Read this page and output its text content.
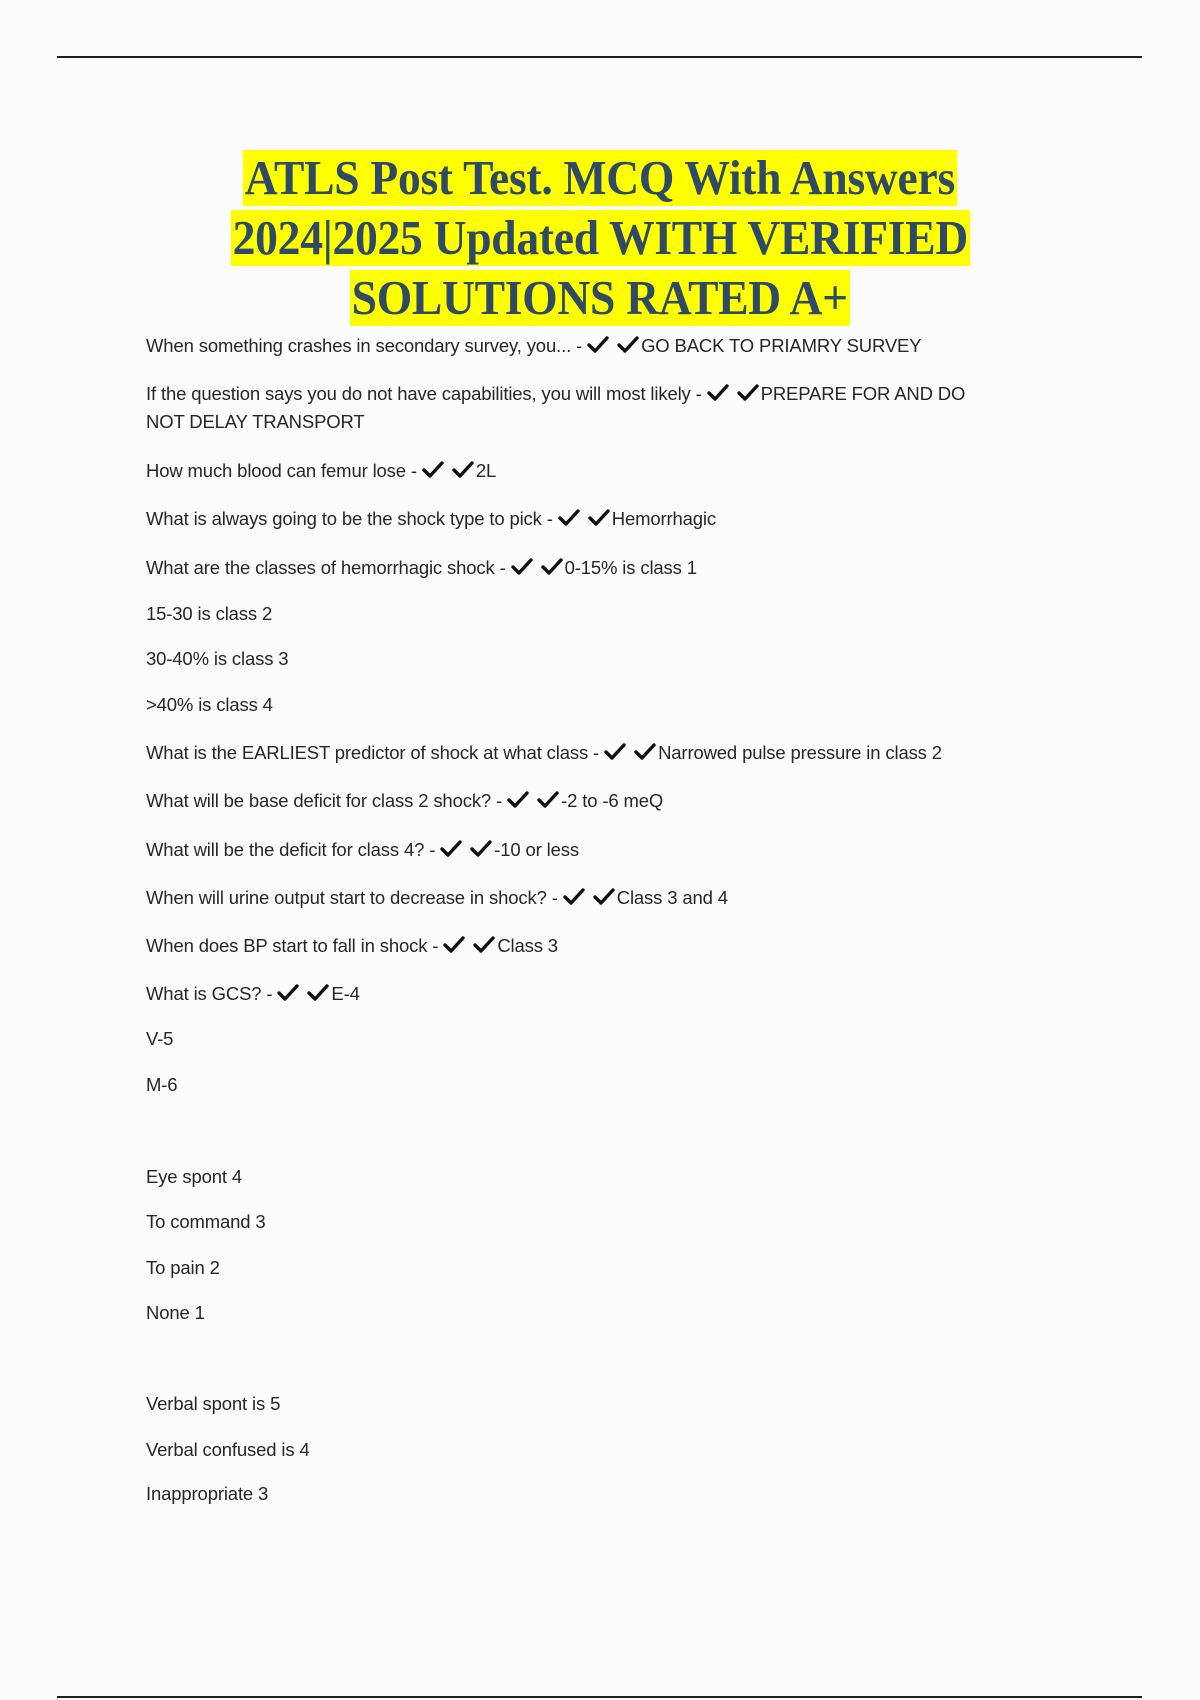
ATLS Post Test. MCQ With Answers
2024|2025 Updated WITH VERIFIED
SOLUTIONS RATED A+
When something crashes in secondary survey, you... -	GO BACK TO PRIAMRY SURVEY
If the question says you do not have capabilities, you will most likely -	PREPARE FOR AND DO
NOT DELAY TRANSPORT
How much blood can femur lose -	2L
What is always going to be the shock type to pick -	Hemorrhagic
What are the classes of hemorrhagic shock -	0-15% is class 1
15-30 is class 2
30-40% is class 3
>40% is class 4
What is the EARLIEST predictor of shock at what class -	Narrowed pulse pressure in class 2
What will be base deficit for class 2 shock? -	-2 to -6 meQ
What will be the deficit for class 4? -	-10 or less
When will urine output start to decrease in shock? -	Class 3 and 4
When does BP start to fall in shock -	Class 3
What is GCS? -	E-4
V-5
M-6
Eye spont 4
To command 3
To pain 2
None 1
Verbal spont is 5
Verbal confused is 4
Inappropriate 3
